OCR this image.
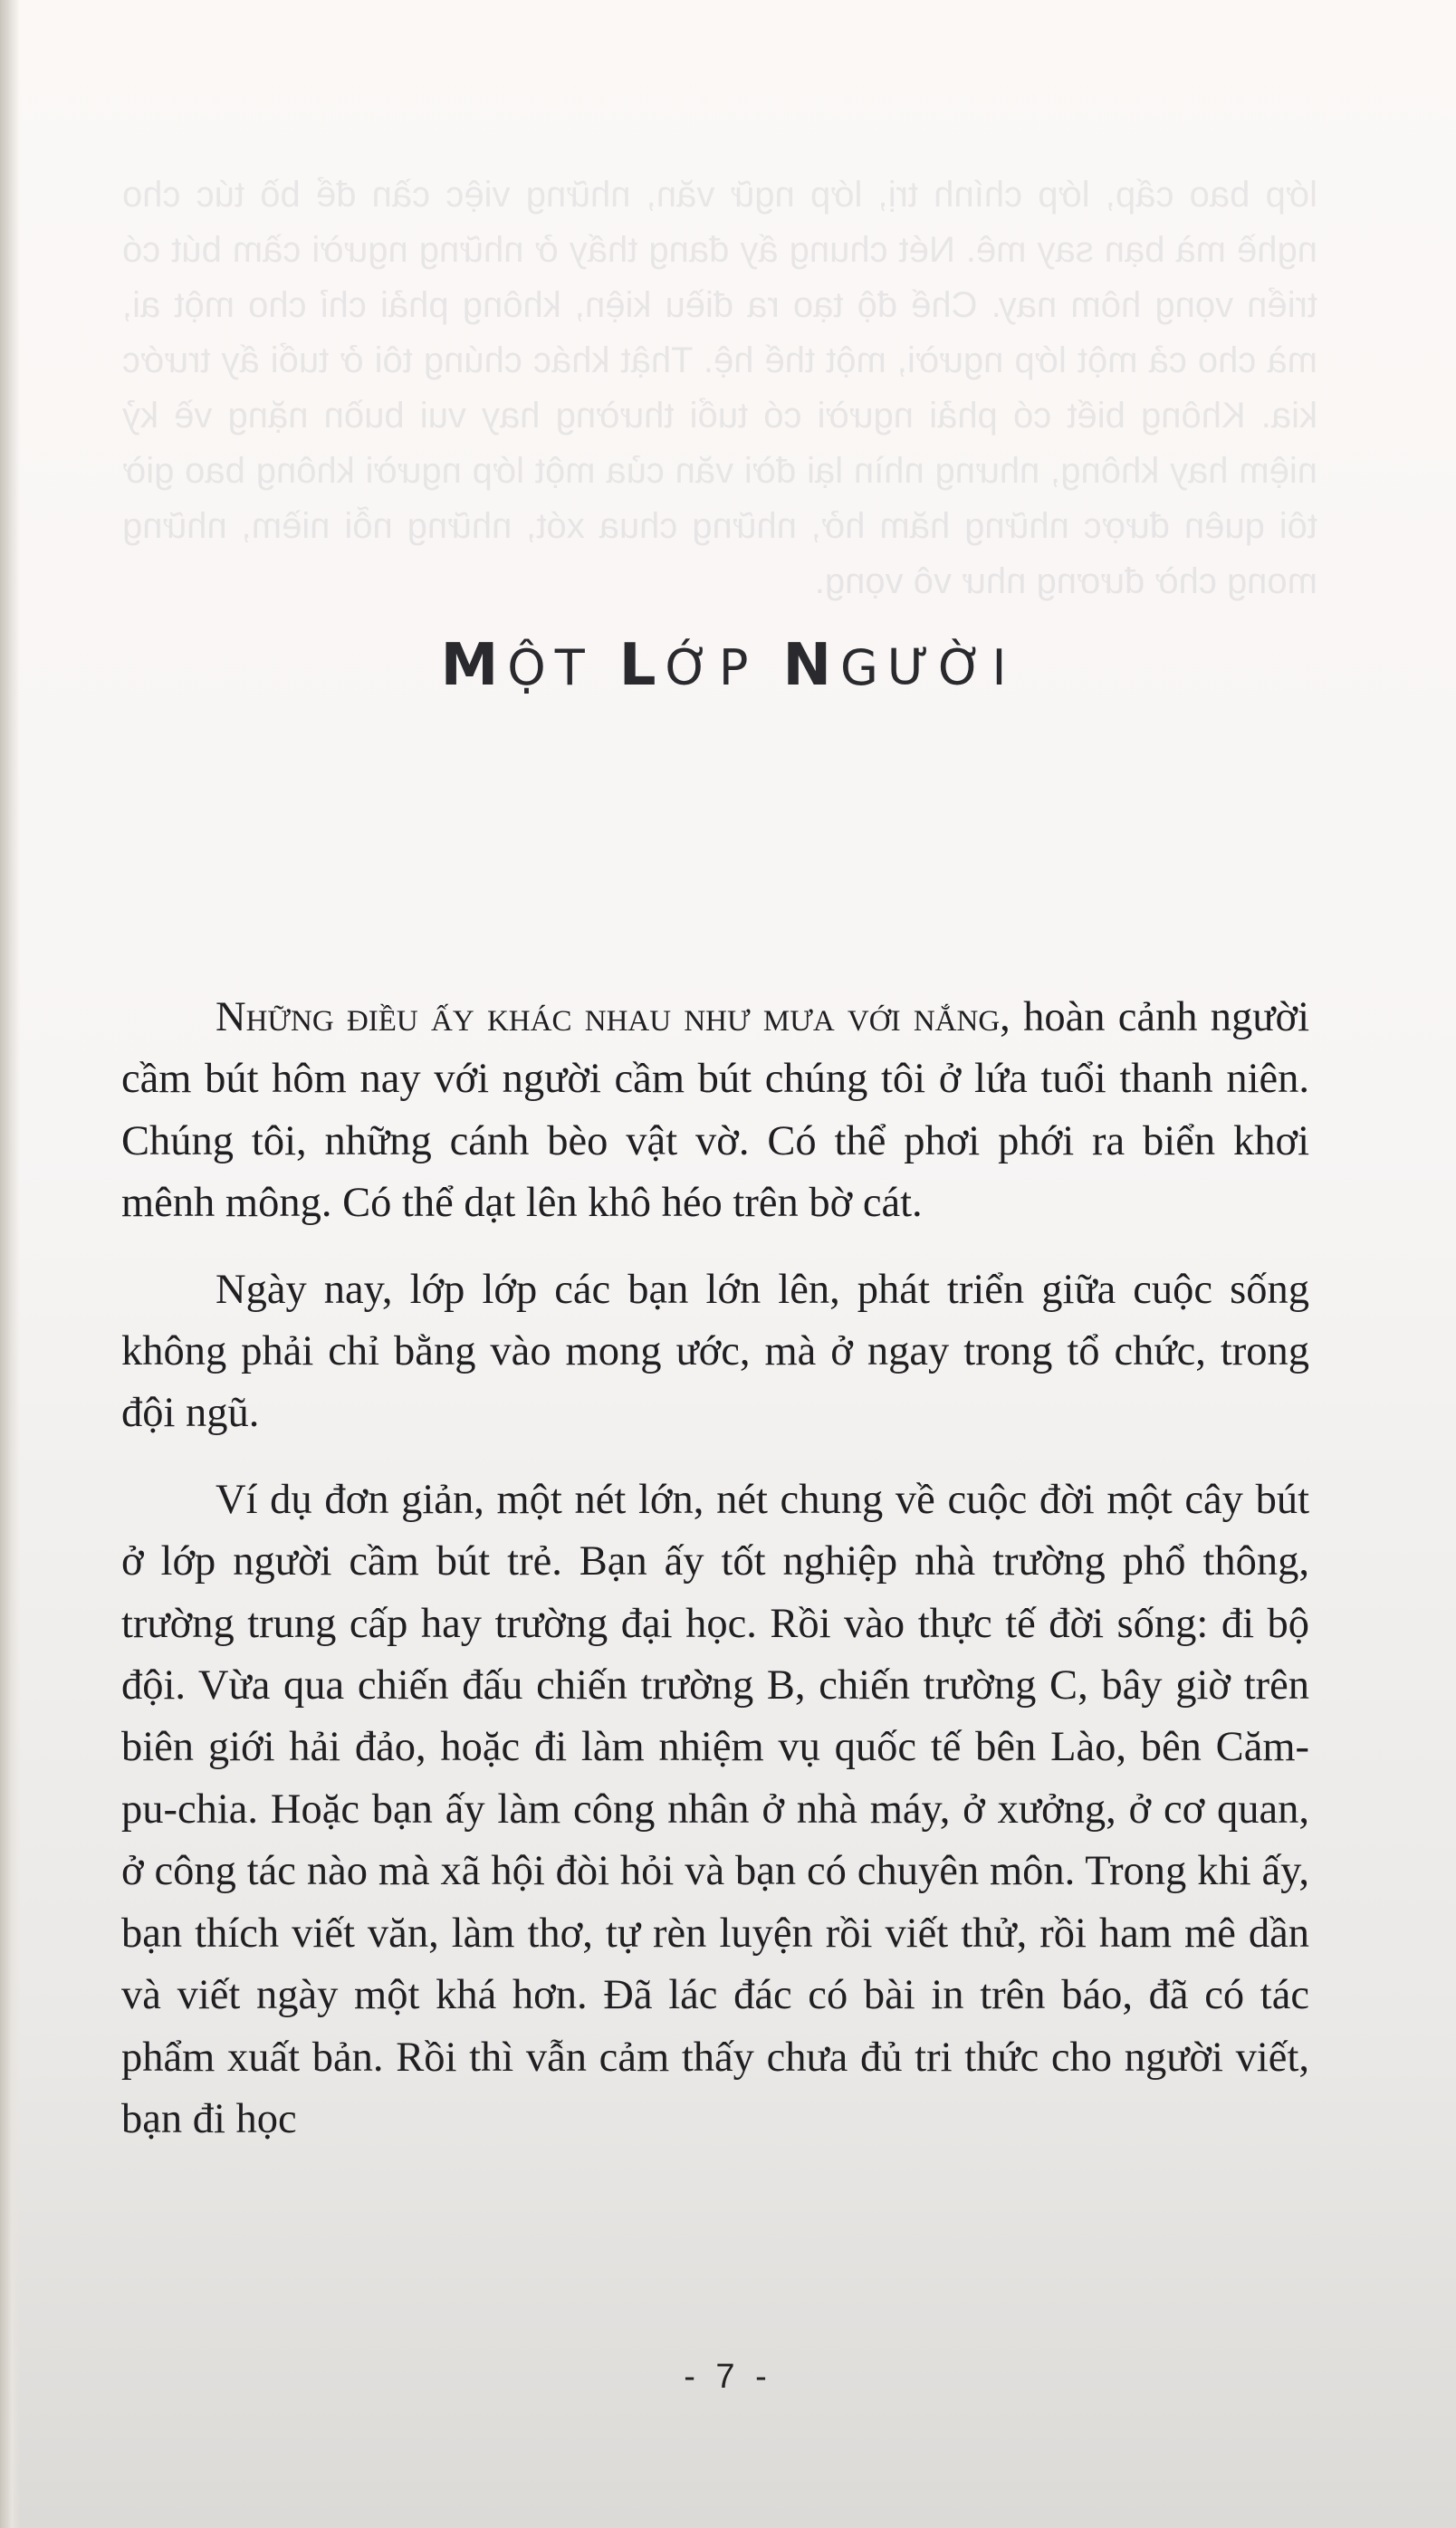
lớp bao cấp, lớp chính trị, lớp ngữ văn, những việc cần để bồ túc cho nghề mà bạn say mê. Nét chung ấy đang thấy ở những người cầm bút có triển vọng hôm nay. Chế độ tạo ra điều kiện, không phải chỉ cho một ai, mà cho cả một lớp người, một thế hệ. Thật khác chúng tôi ở tuổi ấy trước kia. Không biết có phải người có tuổi thường hay vui buồn nặng về kỷ niệm hay không, nhưng nhìn lại đời văn của một lớp người không bao giờ tôi quên được những hăm hở, những chua xót, những nỗi niềm, những mong chờ đương như vô vọng.
MỘT LỚP NGƯỜI

Những điều ấy khác nhau như mưa với nắng, hoàn cảnh người cầm bút hôm nay với người cầm bút chúng tôi ở lứa tuổi thanh niên. Chúng tôi, những cánh bèo vật vờ. Có thể phơi phới ra biển khơi mênh mông. Có thể dạt lên khô héo trên bờ cát.

Ngày nay, lớp lớp các bạn lớn lên, phát triển giữa cuộc sống không phải chỉ bằng vào mong ước, mà ở ngay trong tổ chức, trong đội ngũ.

Ví dụ đơn giản, một nét lớn, nét chung về cuộc đời một cây bút ở lớp người cầm bút trẻ. Bạn ấy tốt nghiệp nhà trường phổ thông, trường trung cấp hay trường đại học. Rồi vào thực tế đời sống: đi bộ đội. Vừa qua chiến đấu chiến trường B, chiến trường C, bây giờ trên biên giới hải đảo, hoặc đi làm nhiệm vụ quốc tế bên Lào, bên Căm-pu-chia. Hoặc bạn ấy làm công nhân ở nhà máy, ở xưởng, ở cơ quan, ở công tác nào mà xã hội đòi hỏi và bạn có chuyên môn. Trong khi ấy, bạn thích viết văn, làm thơ, tự rèn luyện rồi viết thử, rồi ham mê dần và viết ngày một khá hơn. Đã lác đác có bài in trên báo, đã có tác phẩm xuất bản. Rồi thì vẫn cảm thấy chưa đủ tri thức cho người viết, bạn đi học

- 7 -
